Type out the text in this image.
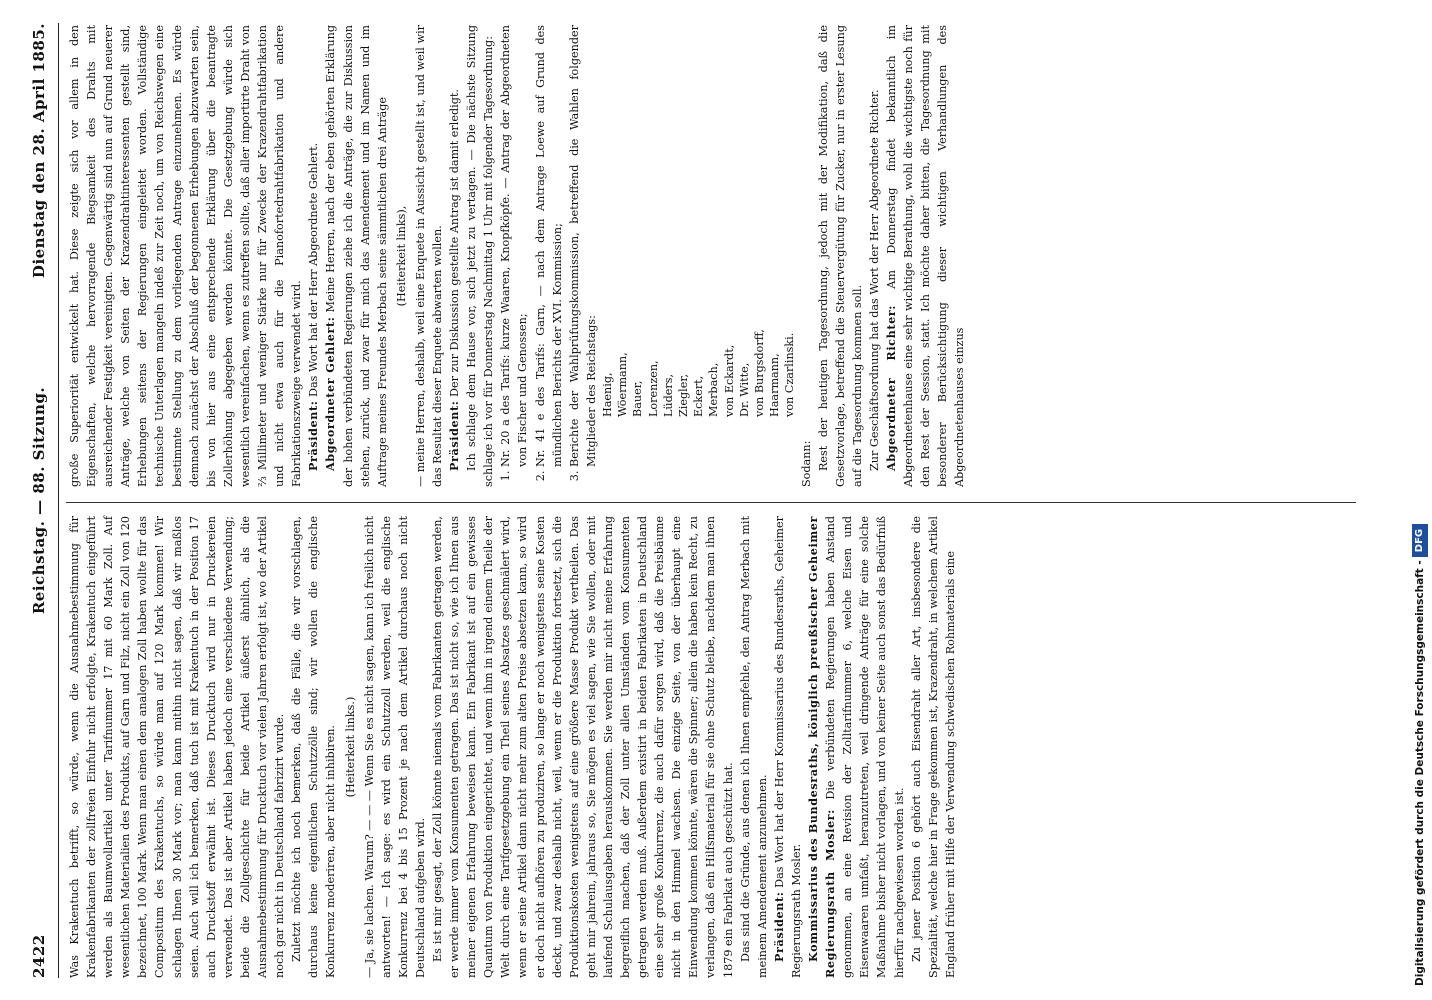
2422
Reichstag. — 88. Sitzung.
Dienstag den 28. April 1885.

Was Krakentuch betrifft, so würde, wenn die Ausnahmebestimmung für Krakenfabrikanten der zollfreien Einfuhr nicht erfolgte, Krakentuch eingeführt werden als Baumwollartikel unter Tarifnummer 17 mit 60 Mark Zoll. Auf wesentlichen Materialien des Produkts, auf Garn und Filz, nicht ein Zoll von 120 bezeichnet, 100 Mark. Wenn man einen dem analogen Zoll haben wollte für das Compositum des Krakentuchs, so würde man auf 120 Mark kommen! Wir schlagen Ihnen 30 Mark vor; man kann mithin nicht sagen, daß wir maßlos seien. Auch will ich bemerken, daß tuch ist mit Krakentuch in der Position 17 auch Druckstoff erwähnt ist. Dieses Drucktuch wird nur in Druckereien verwendet. Das ist aber Artikel haben jedoch eine verschiedene Verwendung; beide die Zollgeschichte für beide Artikel äußerst ähnlich, als die Ausnahmebestimmung für Drucktuch vor vielen Jahren erfolgt ist, wo der Artikel noch gar nicht in Deutschland fabrizirt wurde. Zuletzt möchte ich noch bemerken, daß die Fälle, die wir vorschlagen, durchaus keine eigentlichen Schutzzölle sind; wir wollen die englische Konkurrenz moderiren, aber nicht inhibiren. (Heiterkeit links.) — Ja, sie lachen. Warum? — — — Wenn Sie es nicht sagen, kann ich freilich nicht antworten! — Ich sage: es wird ein Schutzzoll werden, weil die englische Konkurrenz bei 4 bis 15 Prozent je nach dem Artikel durchaus noch nicht Deutschland aufgeben wird. Es ist mir gesagt, der Zoll könnte niemals vom Fabrikanten getragen werden, er werde immer vom Konsumenten getragen. Das ist nicht so, wie ich Ihnen aus meiner eigenen Erfahrung beweisen kann. Ein Fabrikant ist auf ein gewisses Quantum von Produktion eingerichtet, und wenn ihm in irgend einem Theile der Welt durch eine Tarifgesetzgebung ein Theil seines Absatzes geschmälert wird, wenn er seine Artikel dann nicht mehr zum alten Preise absetzen kann, so wird er doch nicht aufhören zu produziren, so lange er noch wenigstens seine Kosten deckt, und zwar deshalb nicht, weil, wenn er die Produktion fortsetzt, sich die Produktionskosten wenigstens auf eine größere Masse Produkt vertheilen. Das geht mir jahrein, jahraus so, Sie mögen es viel sagen, wie Sie wollen, oder mit laufend Schulausgaben herauskommen. Sie werden mir nicht meine Erfahrung begreiflich machen, daß der Zoll unter allen Umständen vom Konsumenten getragen werden muß. Außerdem existirt in beiden Fabrikaten in Deutschland eine sehr große Konkurrenz, die auch dafür sorgen wird, daß die Preisbäume nicht in den Himmel wachsen. Die einzige Seite, von der überhaupt eine Einwendung kommen könnte, wären die Spinner; allein die haben kein Recht, zu verlangen, daß ein Hilfsmaterial für sie ohne Schutz bleibe, nachdem man ihnen 1879 ein Fabrikat auch geschützt hat. Das sind die Gründe, aus denen ich Ihnen empfehle, den Antrag Merbach mit meinem Amendement anzunehmen. Präsident: Das Wort hat der Herr Kommissarius des Bundesraths, Geheimer Regierungsrath Mosler. Kommissarius des Bundesraths, königlich preußischer Geheimer Regierungsrath Mosler: Die verbündeten Regierungen haben Anstand genommen, an eine Revision der Zolltarifnummer 6, welche Eisen und Eisenwaaren umfaßt, heranzutreten, weil dringende Anträge für eine solche Maßnahme bisher nicht vorlagen, und von keiner Seite auch sonst das Bedürfniß hierfür nachgewiesen worden ist. Zu jener Position 6 gehört auch Eisendraht aller Art, insbesondere die Spezialität, welche hier in Frage gekommen ist, Krazendraht, in welchem Artikel England früher mit Hilfe der Verwendung schwedischen Rohmaterials eine

große Superiorität entwickelt hat. Diese zeigte sich vor allem in den Eigenschaften, welche hervorragende Biegsamkeit des Drahts mit ausreichender Festigkeit vereinigten. Gegenwärtig sind nun auf Grund neuerer Anträge, welche von Seiten der Krazendrahtinteressenten gestellt sind, Erhebungen seitens der Regierungen eingeleitet worden. Vollständige technische Unterlagen mangeln indeß zur Zeit noch, um von Reichswegen eine bestimmte Stellung zu dem vorliegenden Antrage einzunehmen. Es würde demnach zunächst der Abschluß der begonnenen Erhebungen abzuwarten sein, bis von hier aus eine entsprechende Erklärung über die beantragte Zollerhöhung abgegeben werden könnte. Die Gesetzgebung würde sich wesentlich vereinfachen, wenn es zutreffen sollte, daß aller importirte Draht von ⅔ Millimeter und weniger Stärke nur für Zwecke der Krazendrahtfabrikation und nicht etwa auch für die Pianofortedrahtfabrikation und andere Fabrikationszweige verwendet wird. Präsident: Das Wort hat der Herr Abgeordnete Gehlert. Abgeordneter Gehlert: Meine Herren, nach der eben gehörten Erklärung der hohen verbündeten Regierungen ziehe ich die Anträge, die zur Diskussion stehen, zurück, und zwar für mich das Amendement und im Namen und im Auftrage meines Freundes Merbach seine sämmtlichen drei Anträge (Heiterkeit links), — meine Herren, deshalb, weil eine Enquete in Aussicht gestellt ist, und weil wir das Resultat dieser Enquete abwarten wollen. Präsident: Der zur Diskussion gestellte Antrag ist damit erledigt. Ich schlage dem Hause vor, sich jetzt zu vertagen. — Die nächste Sitzung schlage ich vor für Donnerstag Nachmittag 1 Uhr mit folgender Tagesordnung: 1. Nr. 20 a des Tarifs: kurze Waaren, Knopfköpfe. — Antrag der Abgeordneten von Fischer und Genossen; 2. Nr. 41 e des Tarifs: Garn, — nach dem Antrage Loewe auf Grund des mündlichen Berichts der XVI. Kommission; 3. Berichte der Wahlprüfungskommission, betreffend die Wahlen folgender Mitglieder des Reichstags: Haenig, Wöermann, Bauer, Lorenzen, Lüders, Ziegler, Eckert, Merbach, von Eckardt, Dr. Witte, von Burgsdorff, Haarmann, von Czarlinski.

Sodann: Rest der heutigen Tagesordnung, jedoch mit der Modifikation, daß die Gesetzvorlage, betreffend die Steuervergütung für Zucker, nur in erster Lesung auf die Tagesordnung kommen soll. Zur Geschäftsordnung hat das Wort der Herr Abgeordnete Richter. Abgeordneter Richter: Am Donnerstag findet bekanntlich im Abgeordnetenhause eine sehr wichtige Berathung, wohl die wichtigste noch für den Rest der Session, statt. Ich möchte daher bitten, die Tagesordnung mit besonderer Berücksichtigung dieser wichtigen Verhandlungen des Abgeordnetenhauses einzus

Digitalisierung gefördert durch die Deutsche Forschungsgemeinschaft -DFG
